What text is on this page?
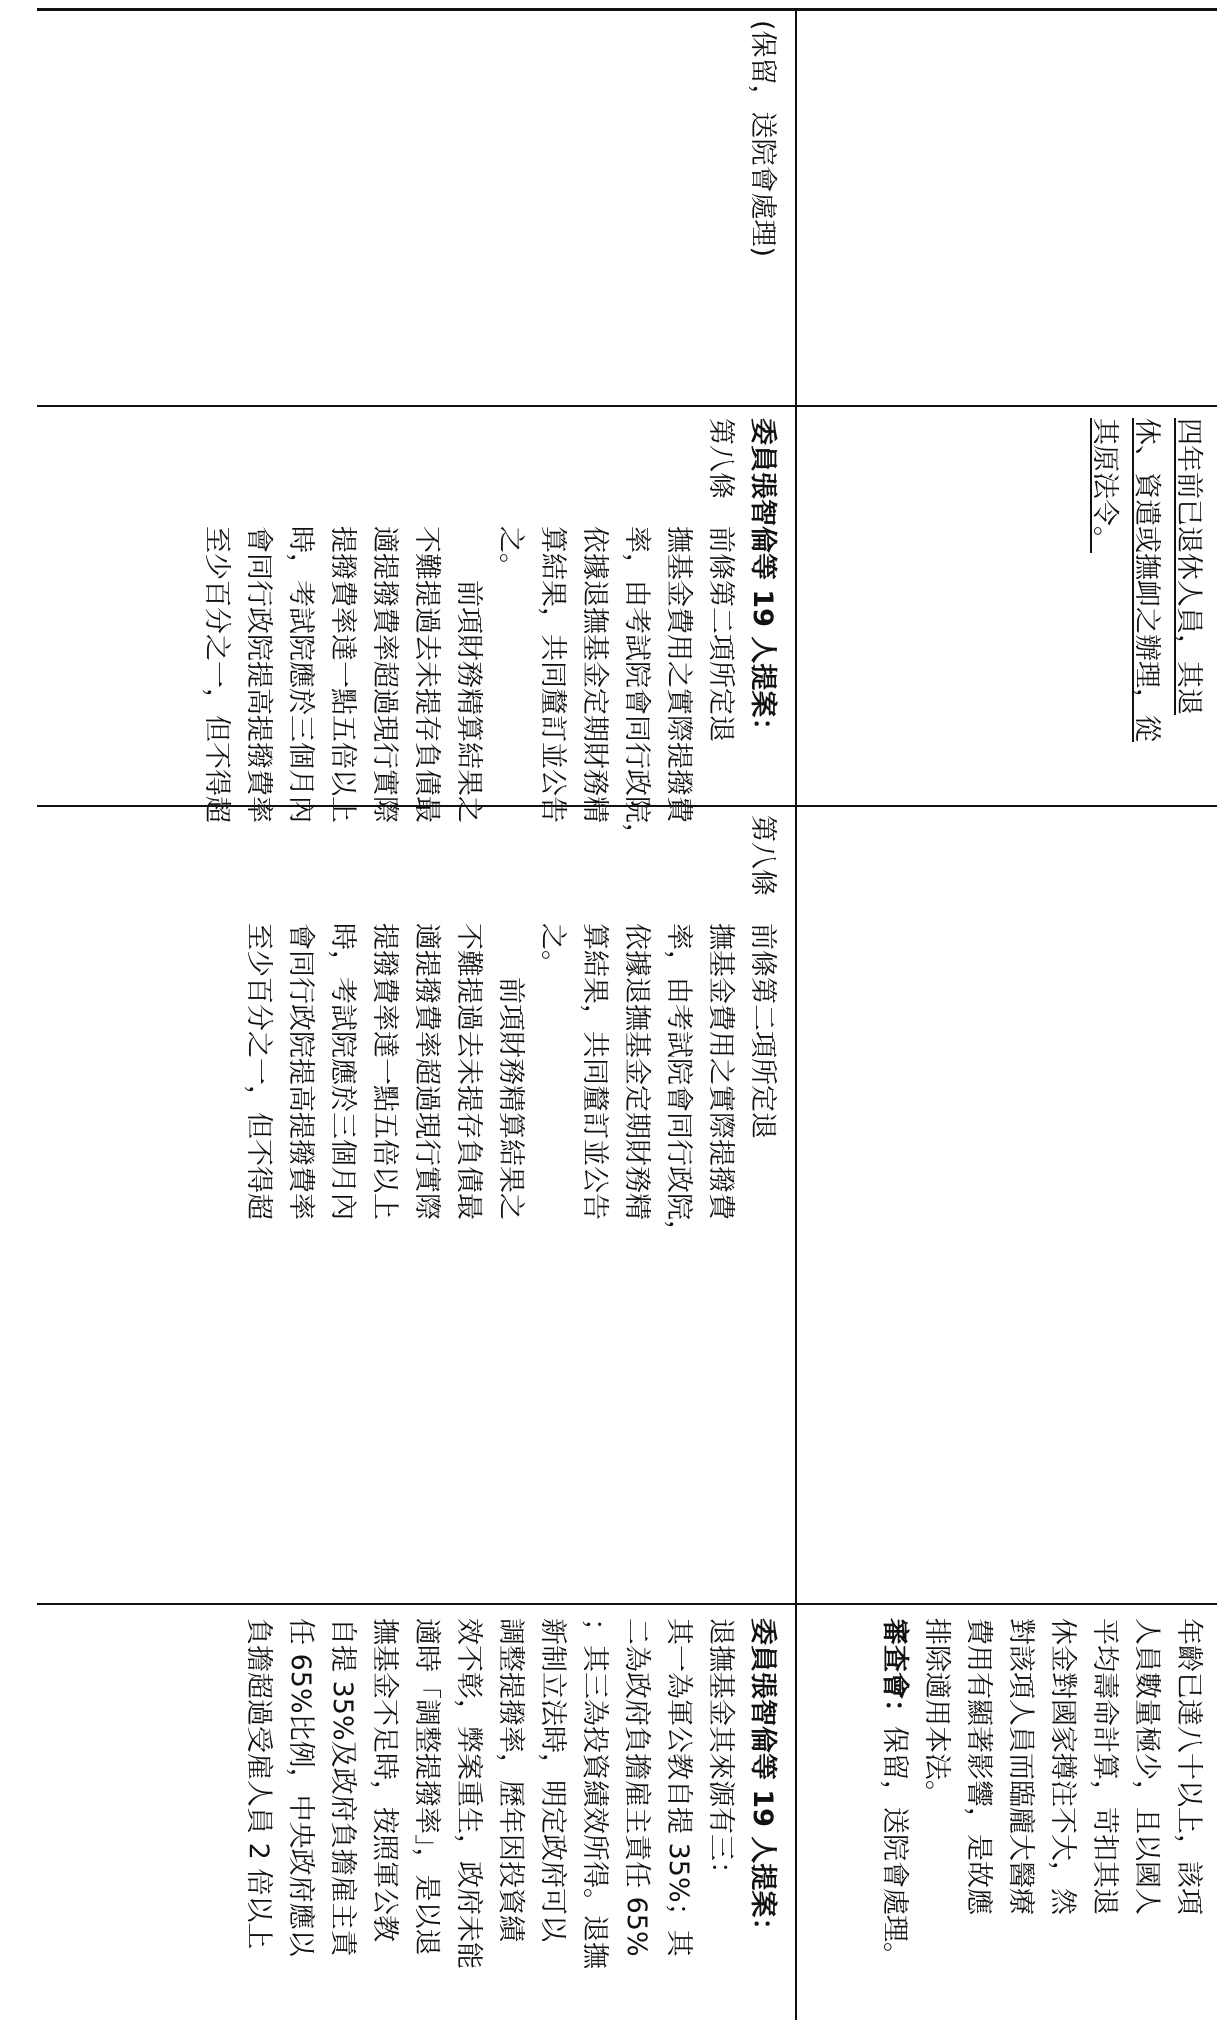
年齡已達八十以上，該項
人員數量極少，且以國人
平均壽命計算，苛扣其退
休金對國家撙注不大，然
對該項人員而臨龐大醫療
費用有顯著影響，是故應
排除適用本法。
審查會：保留，送院會處理。
委員張智倫等 19 人提案：
退撫基金其來源有三：
其一為軍公教自提 35%；其
二為政府負擔雇主責任 65%
；其三為投資績效所得。退撫
新制立法時，明定政府可以
調整提撥率，歷年因投資績
效不彰，弊案重生，政府未能
適時「調整提撥率」，是以退
撫基金不足時，按照軍公教
自提 35%及政府負擔雇主責
任 65%比例，中央政府應以
負擔超過受雇人員 2 倍以上
第八條　前條第二項所定退
撫基金費用之實際提撥費
率，由考試院會同行政院，
依據退撫基金定期財務精
算結果，共同釐訂並公告
之。
前項財務精算結果之
不難提過去未提存負債最
適提撥費率超過現行實際
提撥費率達一點五倍以上
時，考試院應於三個月內
會同行政院提高提撥費率
至少百分之一，但不得超
四年前已退休人員，其退
休、資遣或撫卹之辦理，從
其原法令。
委員張智倫等 19 人提案：
第八條　前條第二項所定退
撫基金費用之實際提撥費
率，由考試院會同行政院，
依據退撫基金定期財務精
算結果，共同釐訂並公告
之。
前項財務精算結果之
不難提過去未提存負債最
適提撥費率超過現行實際
提撥費率達一點五倍以上
時，考試院應於三個月內
會同行政院提高提撥費率
至少百分之一，但不得超
(保留，送院會處理)
